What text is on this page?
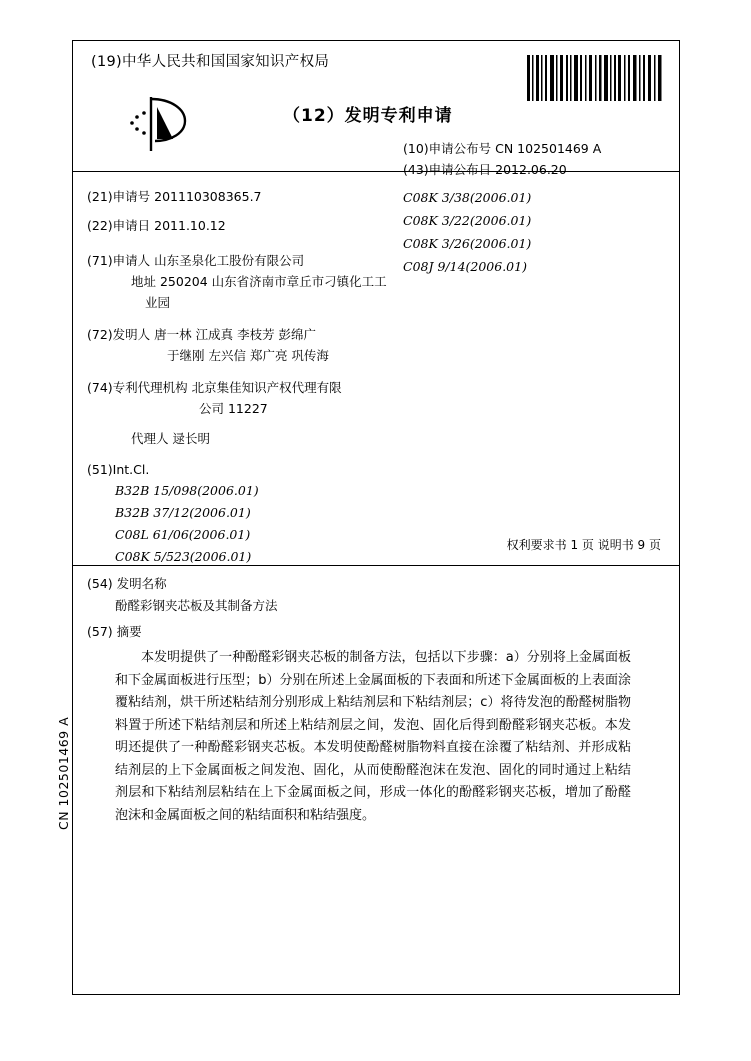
(19)中华人民共和国国家知识产权局
（12）发明专利申请
(10)申请公布号 CN 102501469 A
(43)申请公布日 2012.06.20
(21)申请号 201110308365.7
(22)申请日 2011.10.12
(71)申请人 山东圣泉化工股份有限公司
地址 250204 山东省济南市章丘市刁镇化工工
业园
(72)发明人 唐一林 江成真 李枝芳 彭绵广
于继刚 左兴信 郑广亮 巩传海
(74)专利代理机构 北京集佳知识产权代理有限
公司 11227
代理人 逯长明
(51)Int.Cl.
B32B 15/098(2006.01)
B32B 37/12(2006.01)
C08L 61/06(2006.01)
C08K 5/523(2006.01)
C08K 3/38(2006.01)
C08K 3/22(2006.01)
C08K 3/26(2006.01)
C08J 9/14(2006.01)
权利要求书 1 页 说明书 9 页
(54) 发明名称
酚醛彩钢夹芯板及其制备方法
(57) 摘要
本发明提供了一种酚醛彩钢夹芯板的制备方法，包括以下步骤：a）分别将上金属面板和下金属面板进行压型；b）分别在所述上金属面板的下表面和所述下金属面板的上表面涂覆粘结剂，烘干所述粘结剂分别形成上粘结剂层和下粘结剂层；c）将待发泡的酚醛树脂物料置于所述下粘结剂层和所述上粘结剂层之间，发泡、固化后得到酚醛彩钢夹芯板。本发明还提供了一种酚醛彩钢夹芯板。本发明使酚醛树脂物料直接在涂覆了粘结剂、并形成粘结剂层的上下金属面板之间发泡、固化，从而使酚醛泡沫在发泡、固化的同时通过上粘结剂层和下粘结剂层粘结在上下金属面板之间，形成一体化的酚醛彩钢夹芯板，增加了酚醛泡沫和金属面板之间的粘结面积和粘结强度。
CN 102501469 A
